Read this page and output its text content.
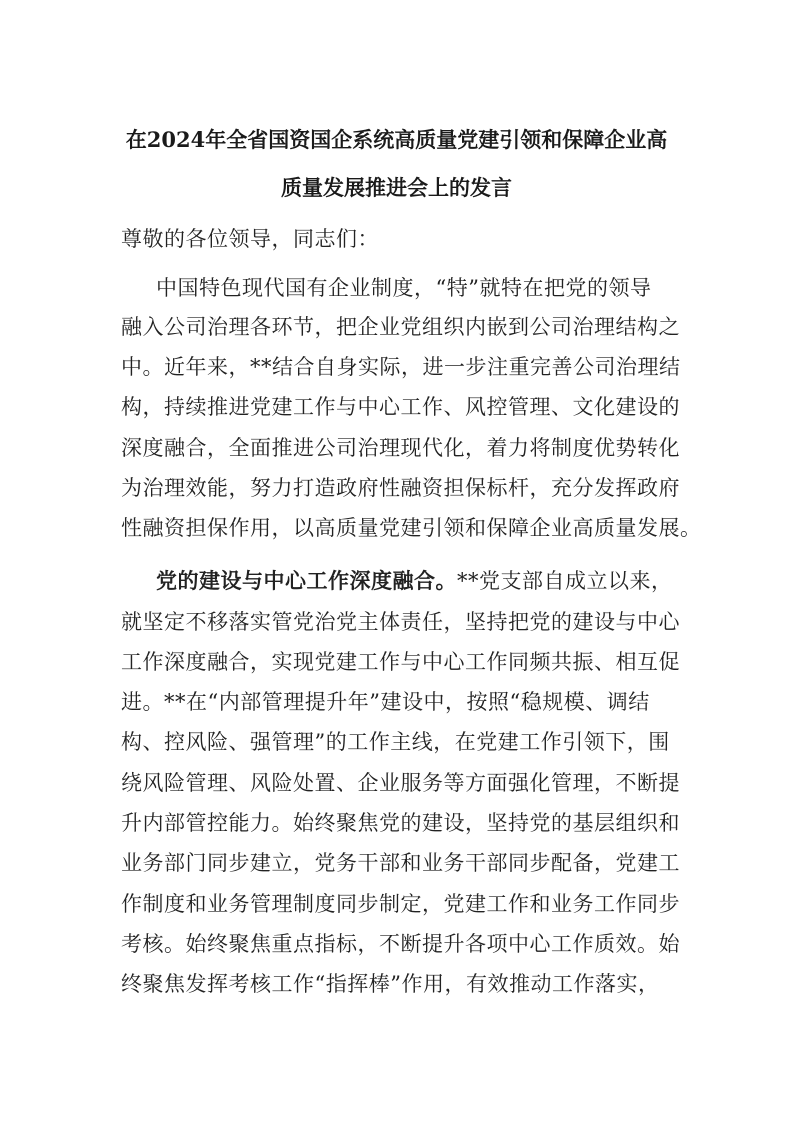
在2024年全省国资国企系统高质量党建引领和保障企业高
质量发展推进会上的发言
尊敬的各位领导，同志们：
中国特色现代国有企业制度，“特”就特在把党的领导
融入公司治理各环节，把企业党组织内嵌到公司治理结构之
中。近年来，**结合自身实际，进一步注重完善公司治理结
构，持续推进党建工作与中心工作、风控管理、文化建设的
深度融合，全面推进公司治理现代化，着力将制度优势转化
为治理效能，努力打造政府性融资担保标杆，充分发挥政府
性融资担保作用，以高质量党建引领和保障企业高质量发展。
党的建设与中心工作深度融合。**党支部自成立以来，
就坚定不移落实管党治党主体责任，坚持把党的建设与中心
工作深度融合，实现党建工作与中心工作同频共振、相互促
进。**在“内部管理提升年”建设中，按照“稳规模、调结
构、控风险、强管理”的工作主线，在党建工作引领下，围
绕风险管理、风险处置、企业服务等方面强化管理，不断提
升内部管控能力。始终聚焦党的建设，坚持党的基层组织和
业务部门同步建立，党务干部和业务干部同步配备，党建工
作制度和业务管理制度同步制定，党建工作和业务工作同步
考核。始终聚焦重点指标，不断提升各项中心工作质效。始
终聚焦发挥考核工作“指挥棒”作用，有效推动工作落实，
